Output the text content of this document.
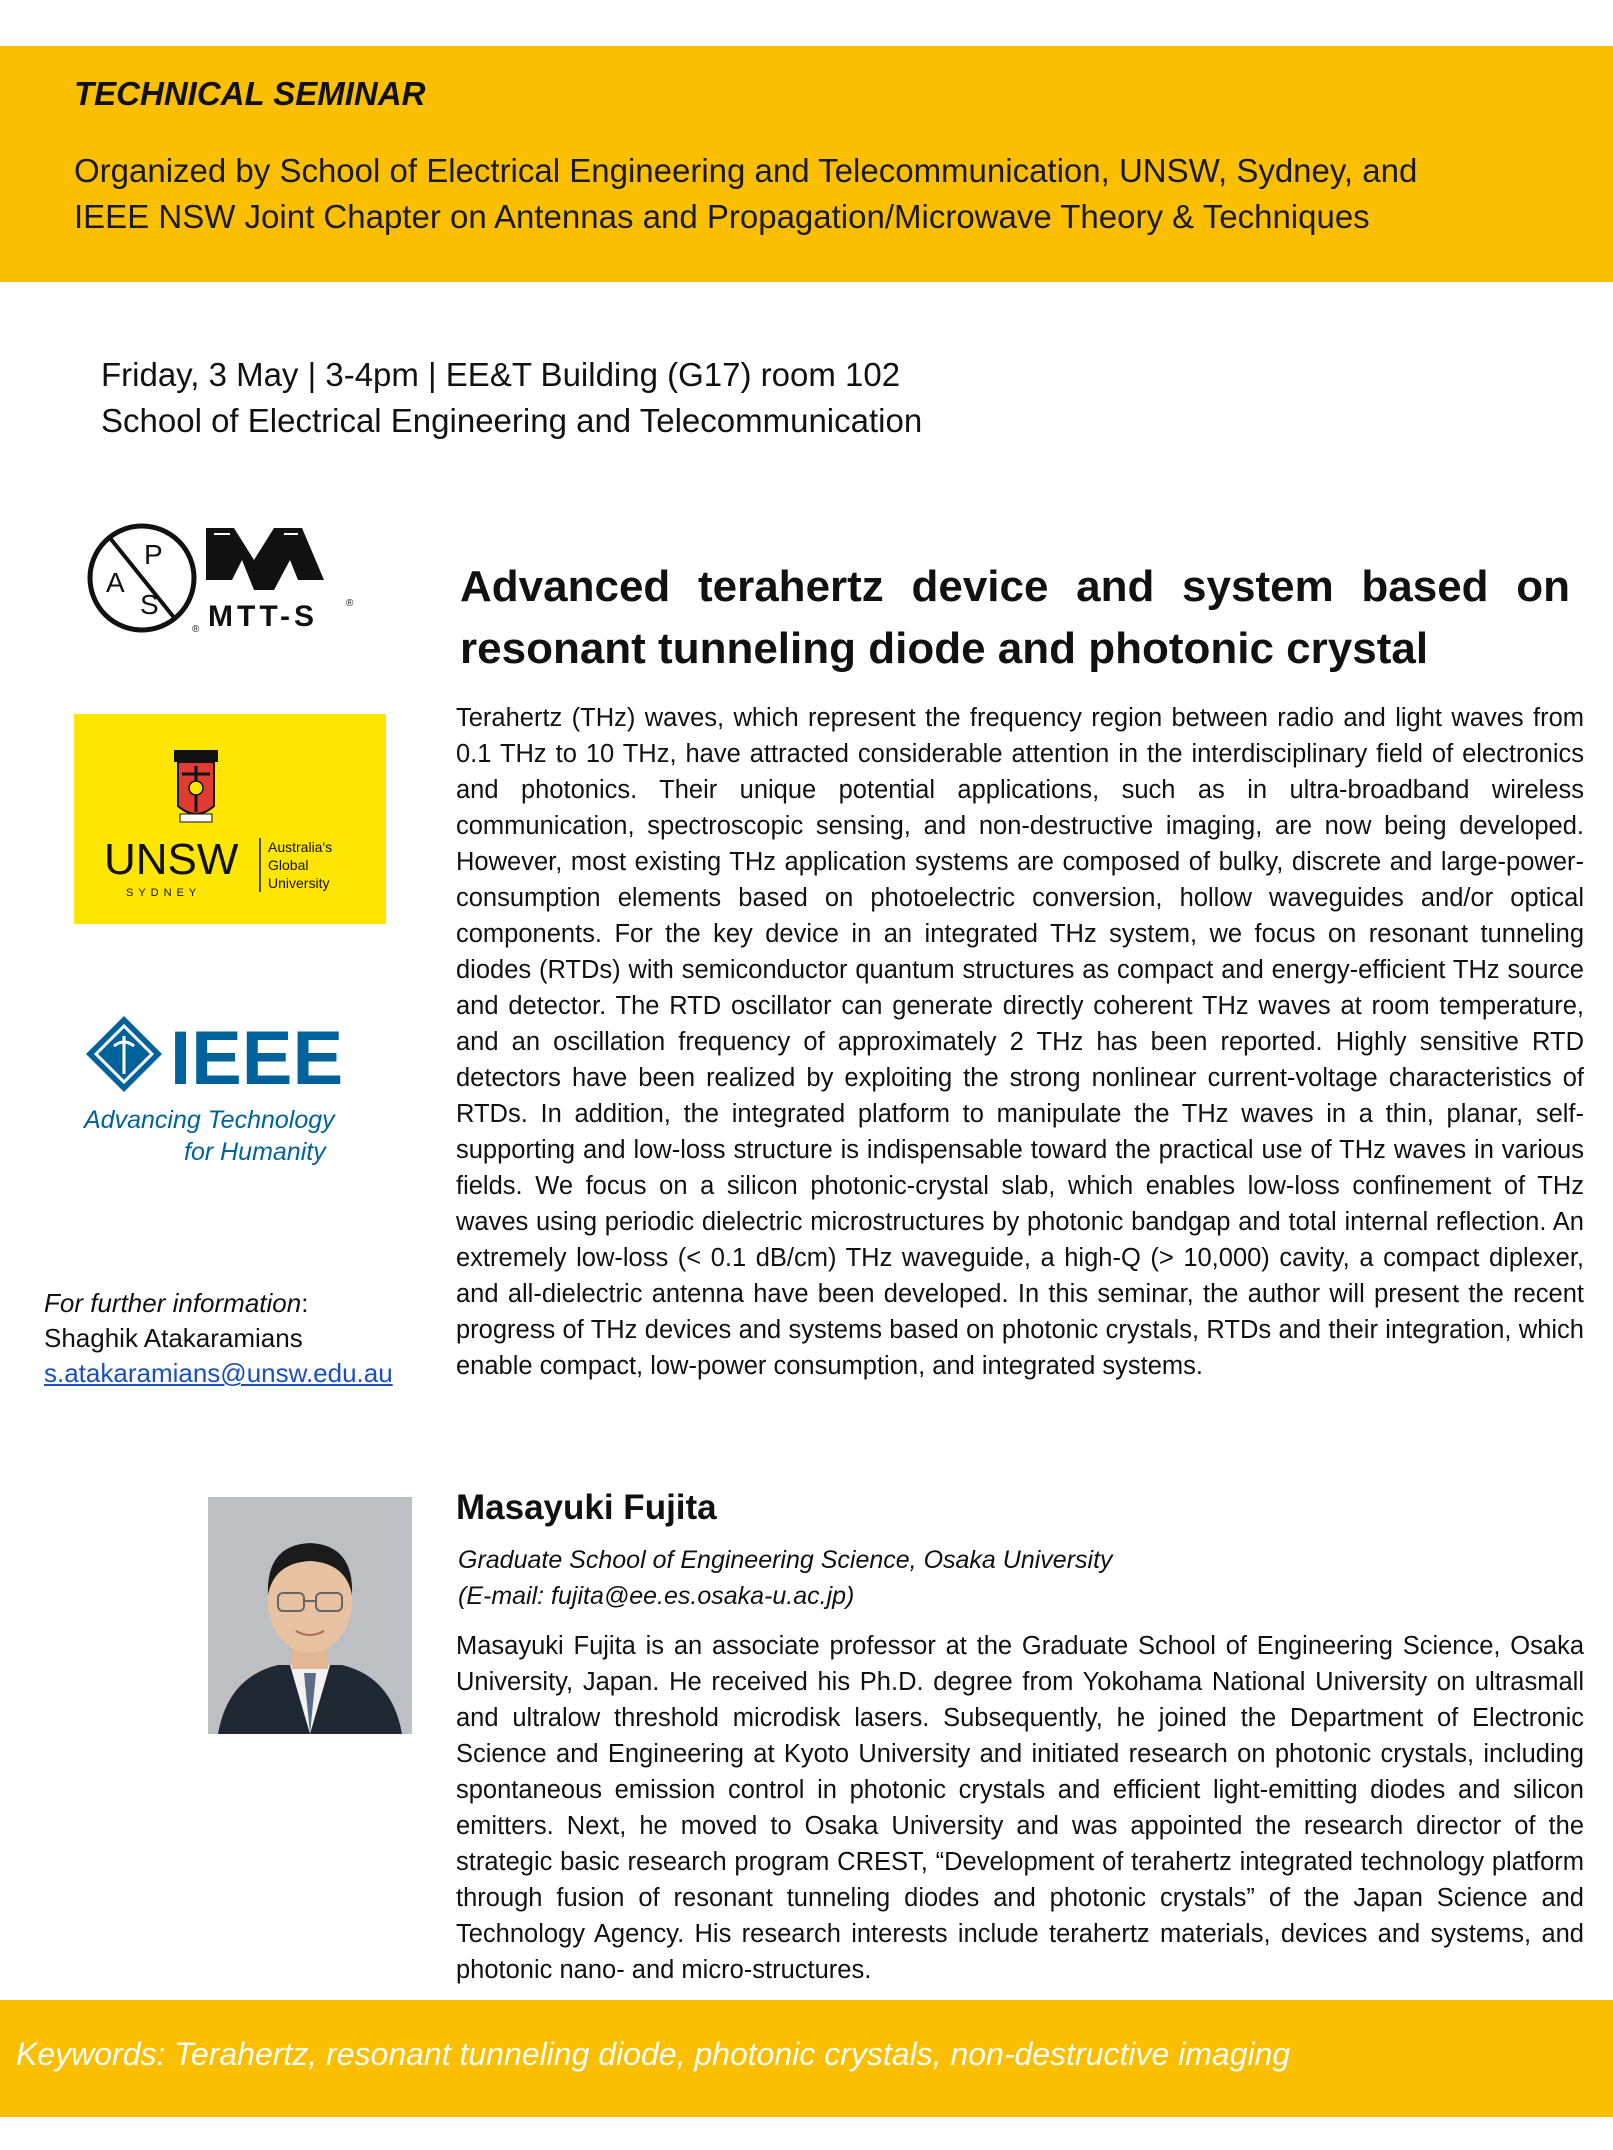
TECHNICAL SEMINAR
Organized by School of Electrical Engineering and Telecommunication, UNSW, Sydney, and
IEEE NSW Joint Chapter on Antennas and Propagation/Microwave Theory & Techniques
Friday, 3 May | 3-4pm | EE&T Building (G17) room 102
School of Electrical Engineering and Telecommunication
A
P
S
® MTT-S	®
UNSW
SYDNEY
Australia's
Global
University
IEEE
Advancing Technology
for Humanity
For further information:
Shaghik Atakaramians
s.atakaramians@unsw.edu.au
Advanced terahertz device and system based on resonant tunneling diode and photonic crystal
Terahertz (THz) waves, which represent the frequency region between radio and light waves from 0.1 THz to 10 THz, have attracted considerable attention in the interdisciplinary field of electronics and photonics. Their unique potential applications, such as in ultra-broadband wireless communication, spectroscopic sensing, and non-destructive imaging, are now being developed. However, most existing THz application systems are composed of bulky, discrete and large-power-consumption elements based on photoelectric conversion, hollow waveguides and/or optical components. For the key device in an integrated THz system, we focus on resonant tunneling diodes (RTDs) with semiconductor quantum structures as compact and energy-efficient THz source and detector. The RTD oscillator can generate directly coherent THz waves at room temperature, and an oscillation frequency of approximately 2 THz has been reported. Highly sensitive RTD detectors have been realized by exploiting the strong nonlinear current-voltage characteristics of RTDs. In addition, the integrated platform to manipulate the THz waves in a thin, planar, self-supporting and low-loss structure is indispensable toward the practical use of THz waves in various fields. We focus on a silicon photonic-crystal slab, which enables low-loss confinement of THz waves using periodic dielectric microstructures by photonic bandgap and total internal reflection. An extremely low-loss (< 0.1 dB/cm) THz waveguide, a high-Q (> 10,000) cavity, a compact diplexer, and all-dielectric antenna have been developed. In this seminar, the author will present the recent progress of THz devices and systems based on photonic crystals, RTDs and their integration, which enable compact, low-power consumption, and integrated systems.
Masayuki Fujita
Graduate School of Engineering Science, Osaka University
(E-mail: fujita@ee.es.osaka-u.ac.jp)
Masayuki Fujita is an associate professor at the Graduate School of Engineering Science, Osaka University, Japan. He received his Ph.D. degree from Yokohama National University on ultrasmall and ultralow threshold microdisk lasers. Subsequently, he joined the Department of Electronic Science and Engineering at Kyoto University and initiated research on photonic crystals, including spontaneous emission control in photonic crystals and efficient light-emitting diodes and silicon emitters. Next, he moved to Osaka University and was appointed the research director of the strategic basic research program CREST, “Development of terahertz integrated technology platform through fusion of resonant tunneling diodes and photonic crystals” of the Japan Science and Technology Agency. His research interests include terahertz materials, devices and systems, and photonic nano- and micro-structures.
Keywords: Terahertz, resonant tunneling diode, photonic crystals, non-destructive imaging
